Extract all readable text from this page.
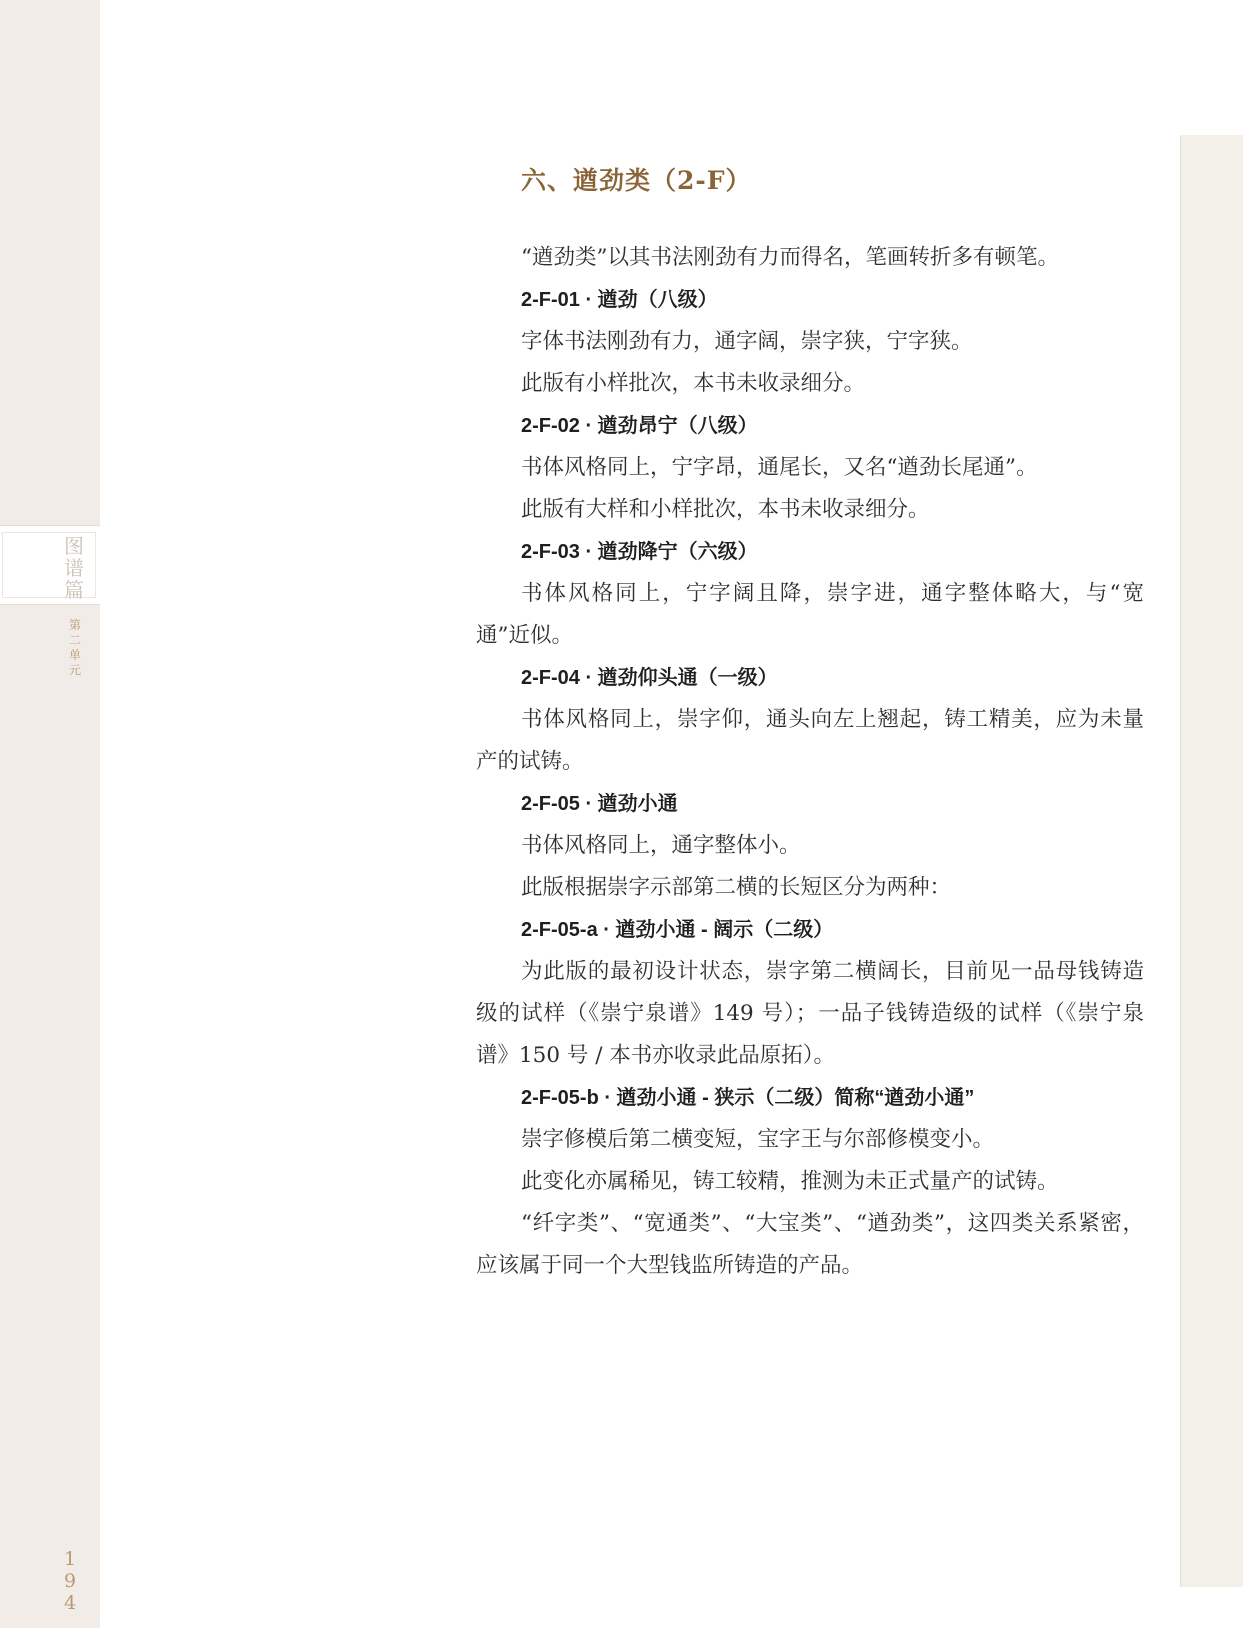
图谱篇
第二单元
194
六、遒劲类（2-F）

“遒劲类”以其书法刚劲有力而得名，笔画转折多有顿笔。

2-F-01 · 遒劲（八级）

字体书法刚劲有力，通字阔，崇字狭，宁字狭。

此版有小样批次，本书未收录细分。

2-F-02 · 遒劲昂宁（八级）

书体风格同上，宁字昂，通尾长，又名“遒劲长尾通”。

此版有大样和小样批次，本书未收录细分。

2-F-03 · 遒劲降宁（六级）

书体风格同上，宁字阔且降，崇字进，通字整体略大，与“宽通”近似。

2-F-04 · 遒劲仰头通（一级）

书体风格同上，崇字仰，通头向左上翘起，铸工精美，应为未量产的试铸。

2-F-05 · 遒劲小通

书体风格同上，通字整体小。

此版根据崇字示部第二横的长短区分为两种：

2-F-05-a · 遒劲小通 - 阔示（二级）

为此版的最初设计状态，崇字第二横阔长，目前见一品母钱铸造级的试样（《崇宁泉谱》149 号）；一品子钱铸造级的试样（《崇宁泉谱》150 号 / 本书亦收录此品原拓）。

2-F-05-b · 遒劲小通 - 狭示（二级）简称“遒劲小通”

崇字修模后第二横变短，宝字王与尔部修模变小。

此变化亦属稀见，铸工较精，推测为未正式量产的试铸。

“纤字类”、“宽通类”、“大宝类”、“遒劲类”，这四类关系紧密，应该属于同一个大型钱监所铸造的产品。
